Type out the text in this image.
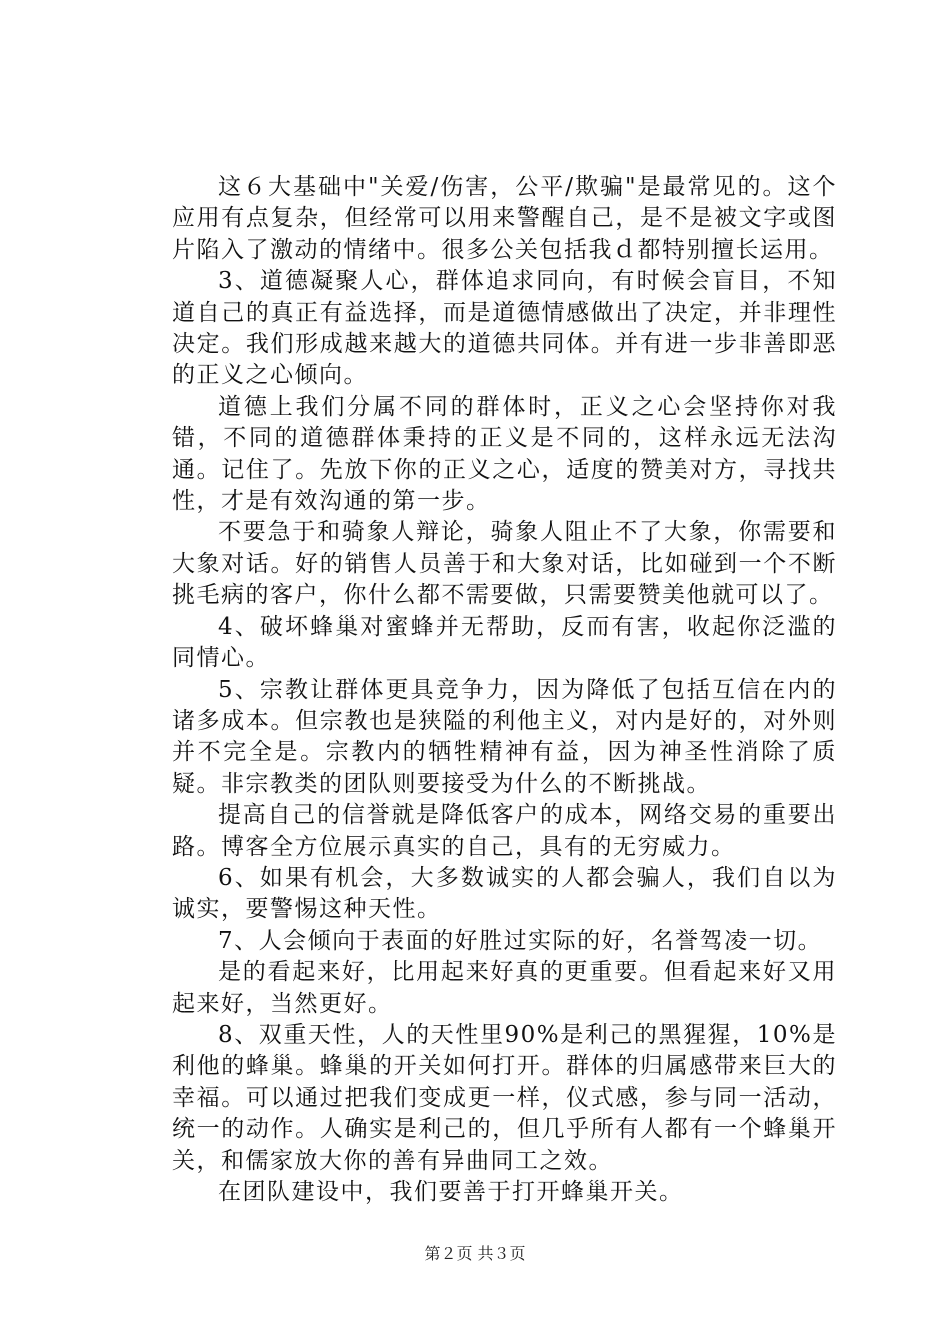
这６大基础中"关爱/伤害，公平/欺骗"是最常见的。这个应用有点复杂，但经常可以用来警醒自己，是不是被文字或图片陷入了激动的情绪中。很多公关包括我ｄ都特别擅长运用。

3、道德凝聚人心，群体追求同向，有时候会盲目，不知道自己的真正有益选择，而是道德情感做出了决定，并非理性决定。我们形成越来越大的道德共同体。并有进一步非善即恶的正义之心倾向。

道德上我们分属不同的群体时，正义之心会坚持你对我错，不同的道德群体秉持的正义是不同的，这样永远无法沟通。记住了。先放下你的正义之心，适度的赞美对方，寻找共性，才是有效沟通的第一步。

不要急于和骑象人辩论，骑象人阻止不了大象，你需要和大象对话。好的销售人员善于和大象对话，比如碰到一个不断挑毛病的客户，你什么都不需要做，只需要赞美他就可以了。

4、破坏蜂巢对蜜蜂并无帮助，反而有害，收起你泛滥的同情心。

5、宗教让群体更具竞争力，因为降低了包括互信在内的诸多成本。但宗教也是狭隘的利他主义，对内是好的，对外则并不完全是。宗教内的牺牲精神有益，因为神圣性消除了质疑。非宗教类的团队则要接受为什么的不断挑战。

提高自己的信誉就是降低客户的成本，网络交易的重要出路。博客全方位展示真实的自己，具有的无穷威力。

6、如果有机会，大多数诚实的人都会骗人，我们自以为诚实，要警惕这种天性。

7、人会倾向于表面的好胜过实际的好，名誉驾凌一切。

是的看起来好，比用起来好真的更重要。但看起来好又用起来好，当然更好。

8、双重天性，人的天性里90%是利己的黑猩猩，10%是利他的蜂巢。蜂巢的开关如何打开。群体的归属感带来巨大的幸福。可以通过把我们变成更一样，仪式感，参与同一活动，统一的动作。人确实是利己的，但几乎所有人都有一个蜂巢开关，和儒家放大你的善有异曲同工之效。

在团队建设中，我们要善于打开蜂巢开关。

第２页 共３页
